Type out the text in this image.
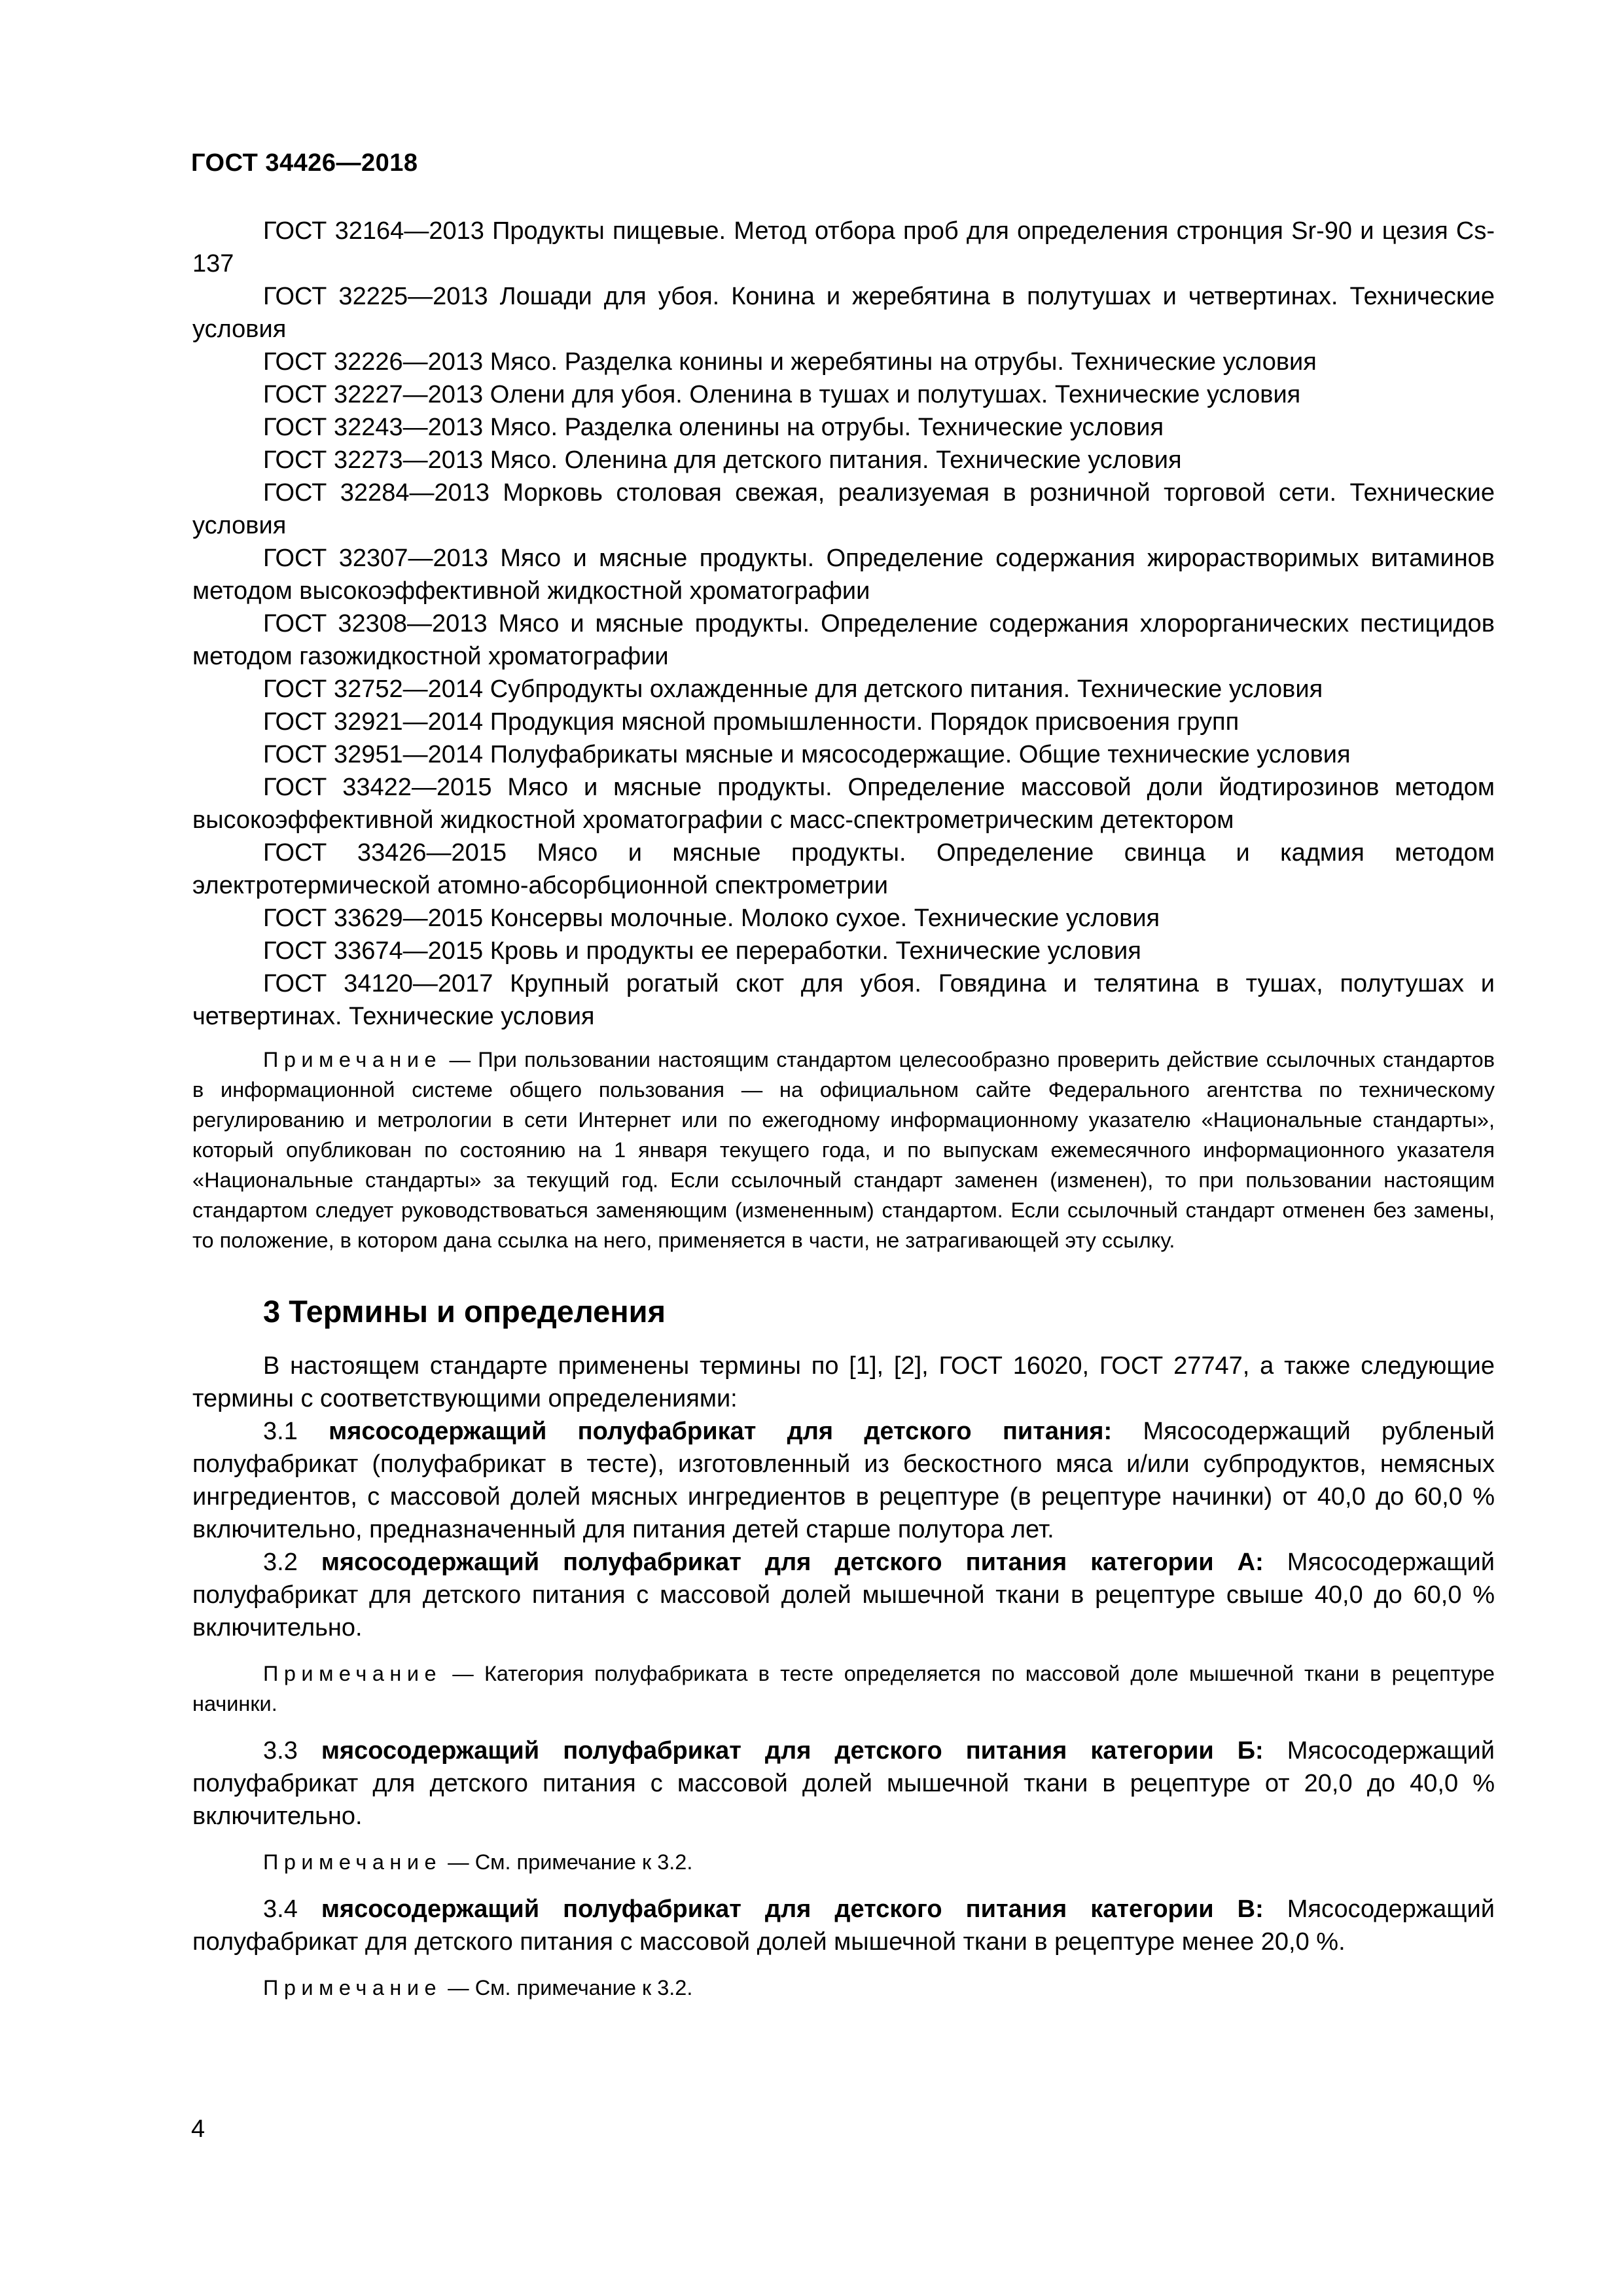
ГОСТ 34426—2018

ГОСТ 32164—2013 Продукты пищевые. Метод отбора проб для определения стронция Sr-90 и цезия Cs-137

ГОСТ 32225—2013 Лошади для убоя. Конина и жеребятина в полутушах и четвертинах. Технические условия

ГОСТ 32226—2013 Мясо. Разделка конины и жеребятины на отрубы. Технические условия

ГОСТ 32227—2013 Олени для убоя. Оленина в тушах и полутушах. Технические условия

ГОСТ 32243—2013 Мясо. Разделка оленины на отрубы. Технические условия

ГОСТ 32273—2013 Мясо. Оленина для детского питания. Технические условия

ГОСТ 32284—2013 Морковь столовая свежая, реализуемая в розничной торговой сети. Технические условия

ГОСТ 32307—2013 Мясо и мясные продукты. Определение содержания жирорастворимых витаминов методом высокоэффективной жидкостной хроматографии

ГОСТ 32308—2013 Мясо и мясные продукты. Определение содержания хлорорганических пестицидов методом газожидкостной хроматографии

ГОСТ 32752—2014 Субпродукты охлажденные для детского питания. Технические условия

ГОСТ 32921—2014 Продукция мясной промышленности. Порядок присвоения групп

ГОСТ 32951—2014 Полуфабрикаты мясные и мясосодержащие. Общие технические условия

ГОСТ 33422—2015 Мясо и мясные продукты. Определение массовой доли йодтирозинов методом высокоэффективной жидкостной хроматографии с масс-спектрометрическим детектором

ГОСТ 33426—2015 Мясо и мясные продукты. Определение свинца и кадмия методом электротермической атомно-абсорбционной спектрометрии

ГОСТ 33629—2015 Консервы молочные. Молоко сухое. Технические условия

ГОСТ 33674—2015 Кровь и продукты ее переработки. Технические условия

ГОСТ 34120—2017 Крупный рогатый скот для убоя. Говядина и телятина в тушах, полутушах и четвертинах. Технические условия

Примечание — При пользовании настоящим стандартом целесообразно проверить действие ссылочных стандартов в информационной системе общего пользования — на официальном сайте Федерального агентства по техническому регулированию и метрологии в сети Интернет или по ежегодному информационному указателю «Национальные стандарты», который опубликован по состоянию на 1 января текущего года, и по выпускам ежемесячного информационного указателя «Национальные стандарты» за текущий год. Если ссылочный стандарт заменен (изменен), то при пользовании настоящим стандартом следует руководствоваться заменяющим (измененным) стандартом. Если ссылочный стандарт отменен без замены, то положение, в котором дана ссылка на него, применяется в части, не затрагивающей эту ссылку.

3 Термины и определения

В настоящем стандарте применены термины по [1], [2], ГОСТ 16020, ГОСТ 27747, а также следующие термины с соответствующими определениями:

3.1 мясосодержащий полуфабрикат для детского питания: Мясосодержащий рубленый полуфабрикат (полуфабрикат в тесте), изготовленный из бескостного мяса и/или субпродуктов, немясных ингредиентов, с массовой долей мясных ингредиентов в рецептуре (в рецептуре начинки) от 40,0 до 60,0 % включительно, предназначенный для питания детей старше полутора лет.

3.2 мясосодержащий полуфабрикат для детского питания категории А: Мясосодержащий полуфабрикат для детского питания с массовой долей мышечной ткани в рецептуре свыше 40,0 до 60,0 % включительно.

Примечание — Категория полуфабриката в тесте определяется по массовой доле мышечной ткани в рецептуре начинки.

3.3 мясосодержащий полуфабрикат для детского питания категории Б: Мясосодержащий полуфабрикат для детского питания с массовой долей мышечной ткани в рецептуре от 20,0 до 40,0 % включительно.

Примечание — См. примечание к 3.2.

3.4 мясосодержащий полуфабрикат для детского питания категории В: Мясосодержащий полуфабрикат для детского питания с массовой долей мышечной ткани в рецептуре менее 20,0 %.

Примечание — См. примечание к 3.2.

4
